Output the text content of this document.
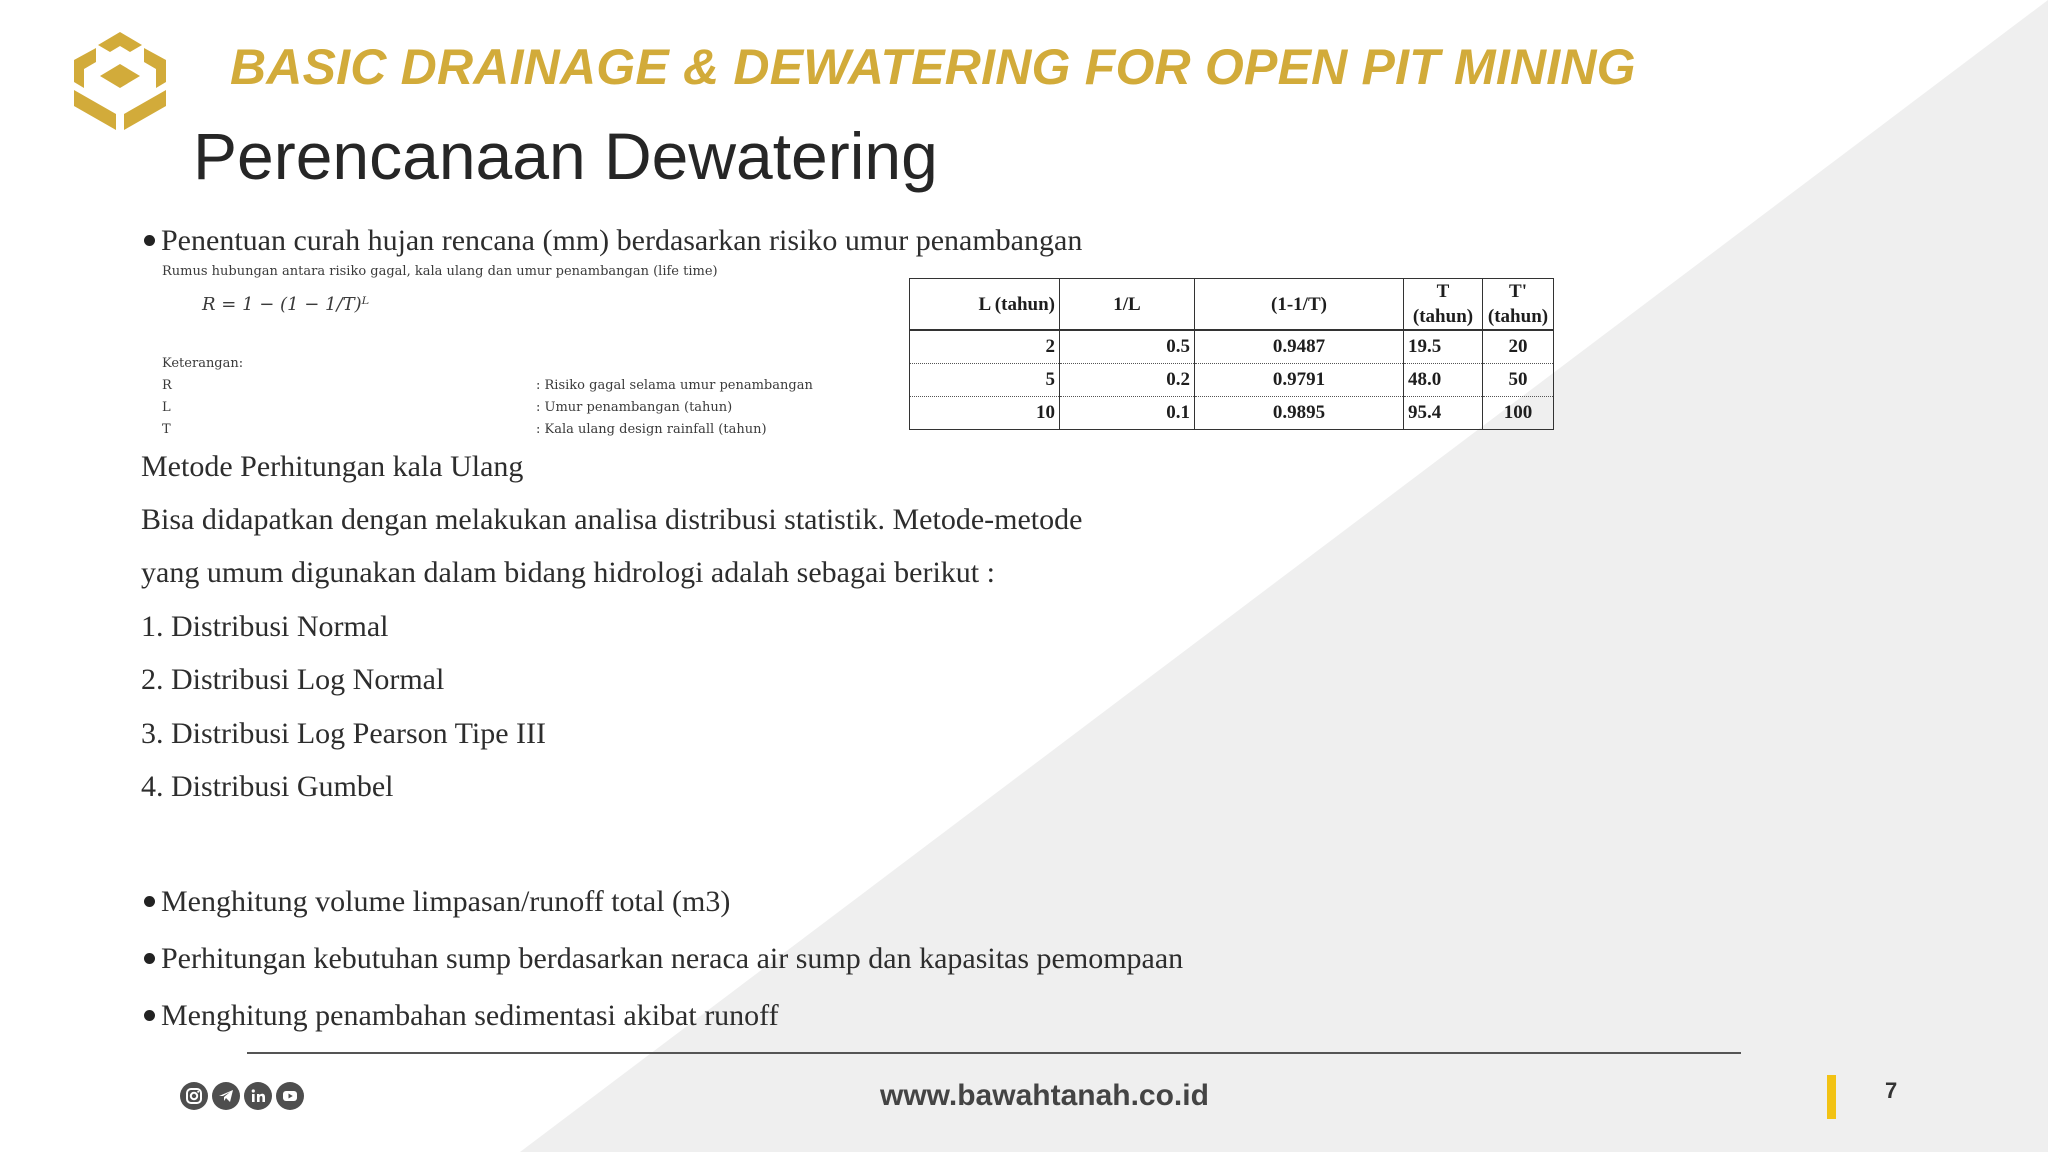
BASIC DRAINAGE & DEWATERING FOR OPEN PIT MINING
Perencanaan Dewatering
Penentuan curah hujan rencana (mm) berdasarkan risiko umur penambangan
Rumus hubungan antara risiko gagal, kala ulang dan umur penambangan (life time)
R = 1 − (1 − 1/T)ᴸ
Keterangan:
R	: Risiko gagal selama umur penambangan
L	: Umur penambangan (tahun)
T	: Kala ulang design rainfall (tahun)
L (tahun)	1/L	(1-1/T)	T (tahun)	T' (tahun)
2	0.5	0.9487	19.5	20
5	0.2	0.9791	48.0	50
10	0.1	0.9895	95.4	100
Metode Perhitungan kala Ulang
Bisa didapatkan dengan melakukan analisa distribusi statistik. Metode-metode
yang umum digunakan dalam bidang hidrologi adalah sebagai berikut :
1. Distribusi Normal
2. Distribusi Log Normal
3. Distribusi Log Pearson Tipe III
4. Distribusi Gumbel
Menghitung volume limpasan/runoff total (m3)
Perhitungan kebutuhan sump berdasarkan neraca air sump dan kapasitas pemompaan
Menghitung penambahan sedimentasi akibat runoff
www.bawahtanah.co.id	7
